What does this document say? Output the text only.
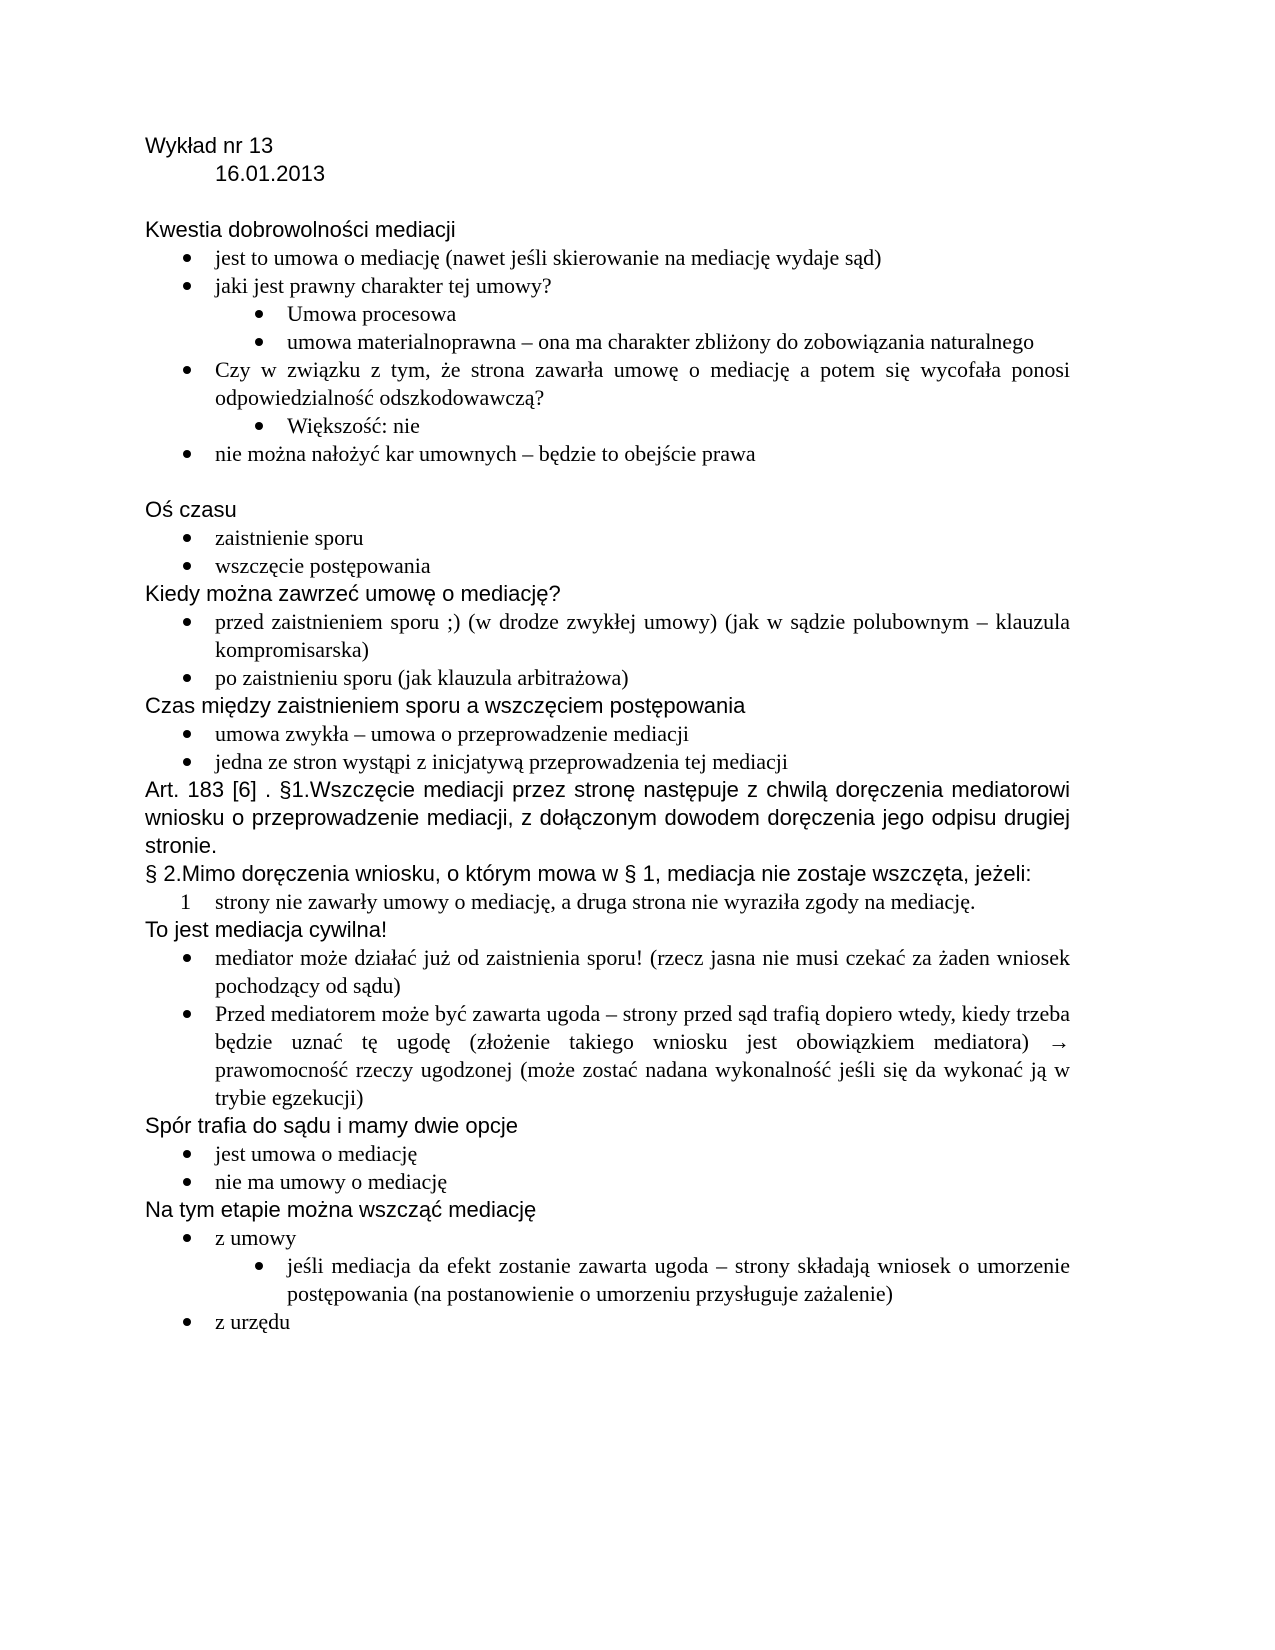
Wykład nr 13
16.01.2013
Kwestia dobrowolności mediacji
jest to umowa o mediację (nawet jeśli skierowanie na mediację wydaje sąd)
jaki jest prawny charakter tej umowy?
Umowa procesowa
umowa materialnoprawna – ona ma charakter zbliżony do zobowiązania naturalnego
Czy w związku z tym, że strona zawarła umowę o mediację a potem się wycofała ponosi odpowiedzialność odszkodowawczą?
Większość: nie
nie można nałożyć kar umownych – będzie to obejście prawa
Oś czasu
zaistnienie sporu
wszczęcie postępowania
Kiedy można zawrzeć umowę o mediację?
przed zaistnieniem sporu ;) (w drodze zwykłej umowy) (jak w sądzie polubownym – klauzula kompromisarska)
po zaistnieniu sporu (jak klauzula arbitrażowa)
Czas między zaistnieniem sporu a wszczęciem postępowania
umowa zwykła – umowa o przeprowadzenie mediacji
jedna ze stron wystąpi z inicjatywą przeprowadzenia tej mediacji
Art. 183 [6] . §1.Wszczęcie mediacji przez stronę następuje z chwilą doręczenia mediatorowi wniosku o przeprowadzenie mediacji, z dołączonym dowodem doręczenia jego odpisu drugiej stronie.
§ 2.Mimo doręczenia wniosku, o którym mowa w § 1, mediacja nie zostaje wszczęta, jeżeli:
1 strony nie zawarły umowy o mediację, a druga strona nie wyraziła zgody na mediację.
To jest mediacja cywilna!
mediator może działać już od zaistnienia sporu! (rzecz jasna nie musi czekać za żaden wniosek pochodzący od sądu)
Przed mediatorem może być zawarta ugoda – strony przed sąd trafią dopiero wtedy, kiedy trzeba będzie uznać tę ugodę (złożenie takiego wniosku jest obowiązkiem mediatora) → prawomocność rzeczy ugodzonej (może zostać nadana wykonalność jeśli się da wykonać ją w trybie egzekucji)
Spór trafia do sądu i mamy dwie opcje
jest umowa o mediację
nie ma umowy o mediację
Na tym etapie można wszcząć mediację
z umowy
jeśli mediacja da efekt zostanie zawarta ugoda – strony składają wniosek o umorzenie postępowania (na postanowienie o umorzeniu przysługuje zażalenie)
z urzędu
